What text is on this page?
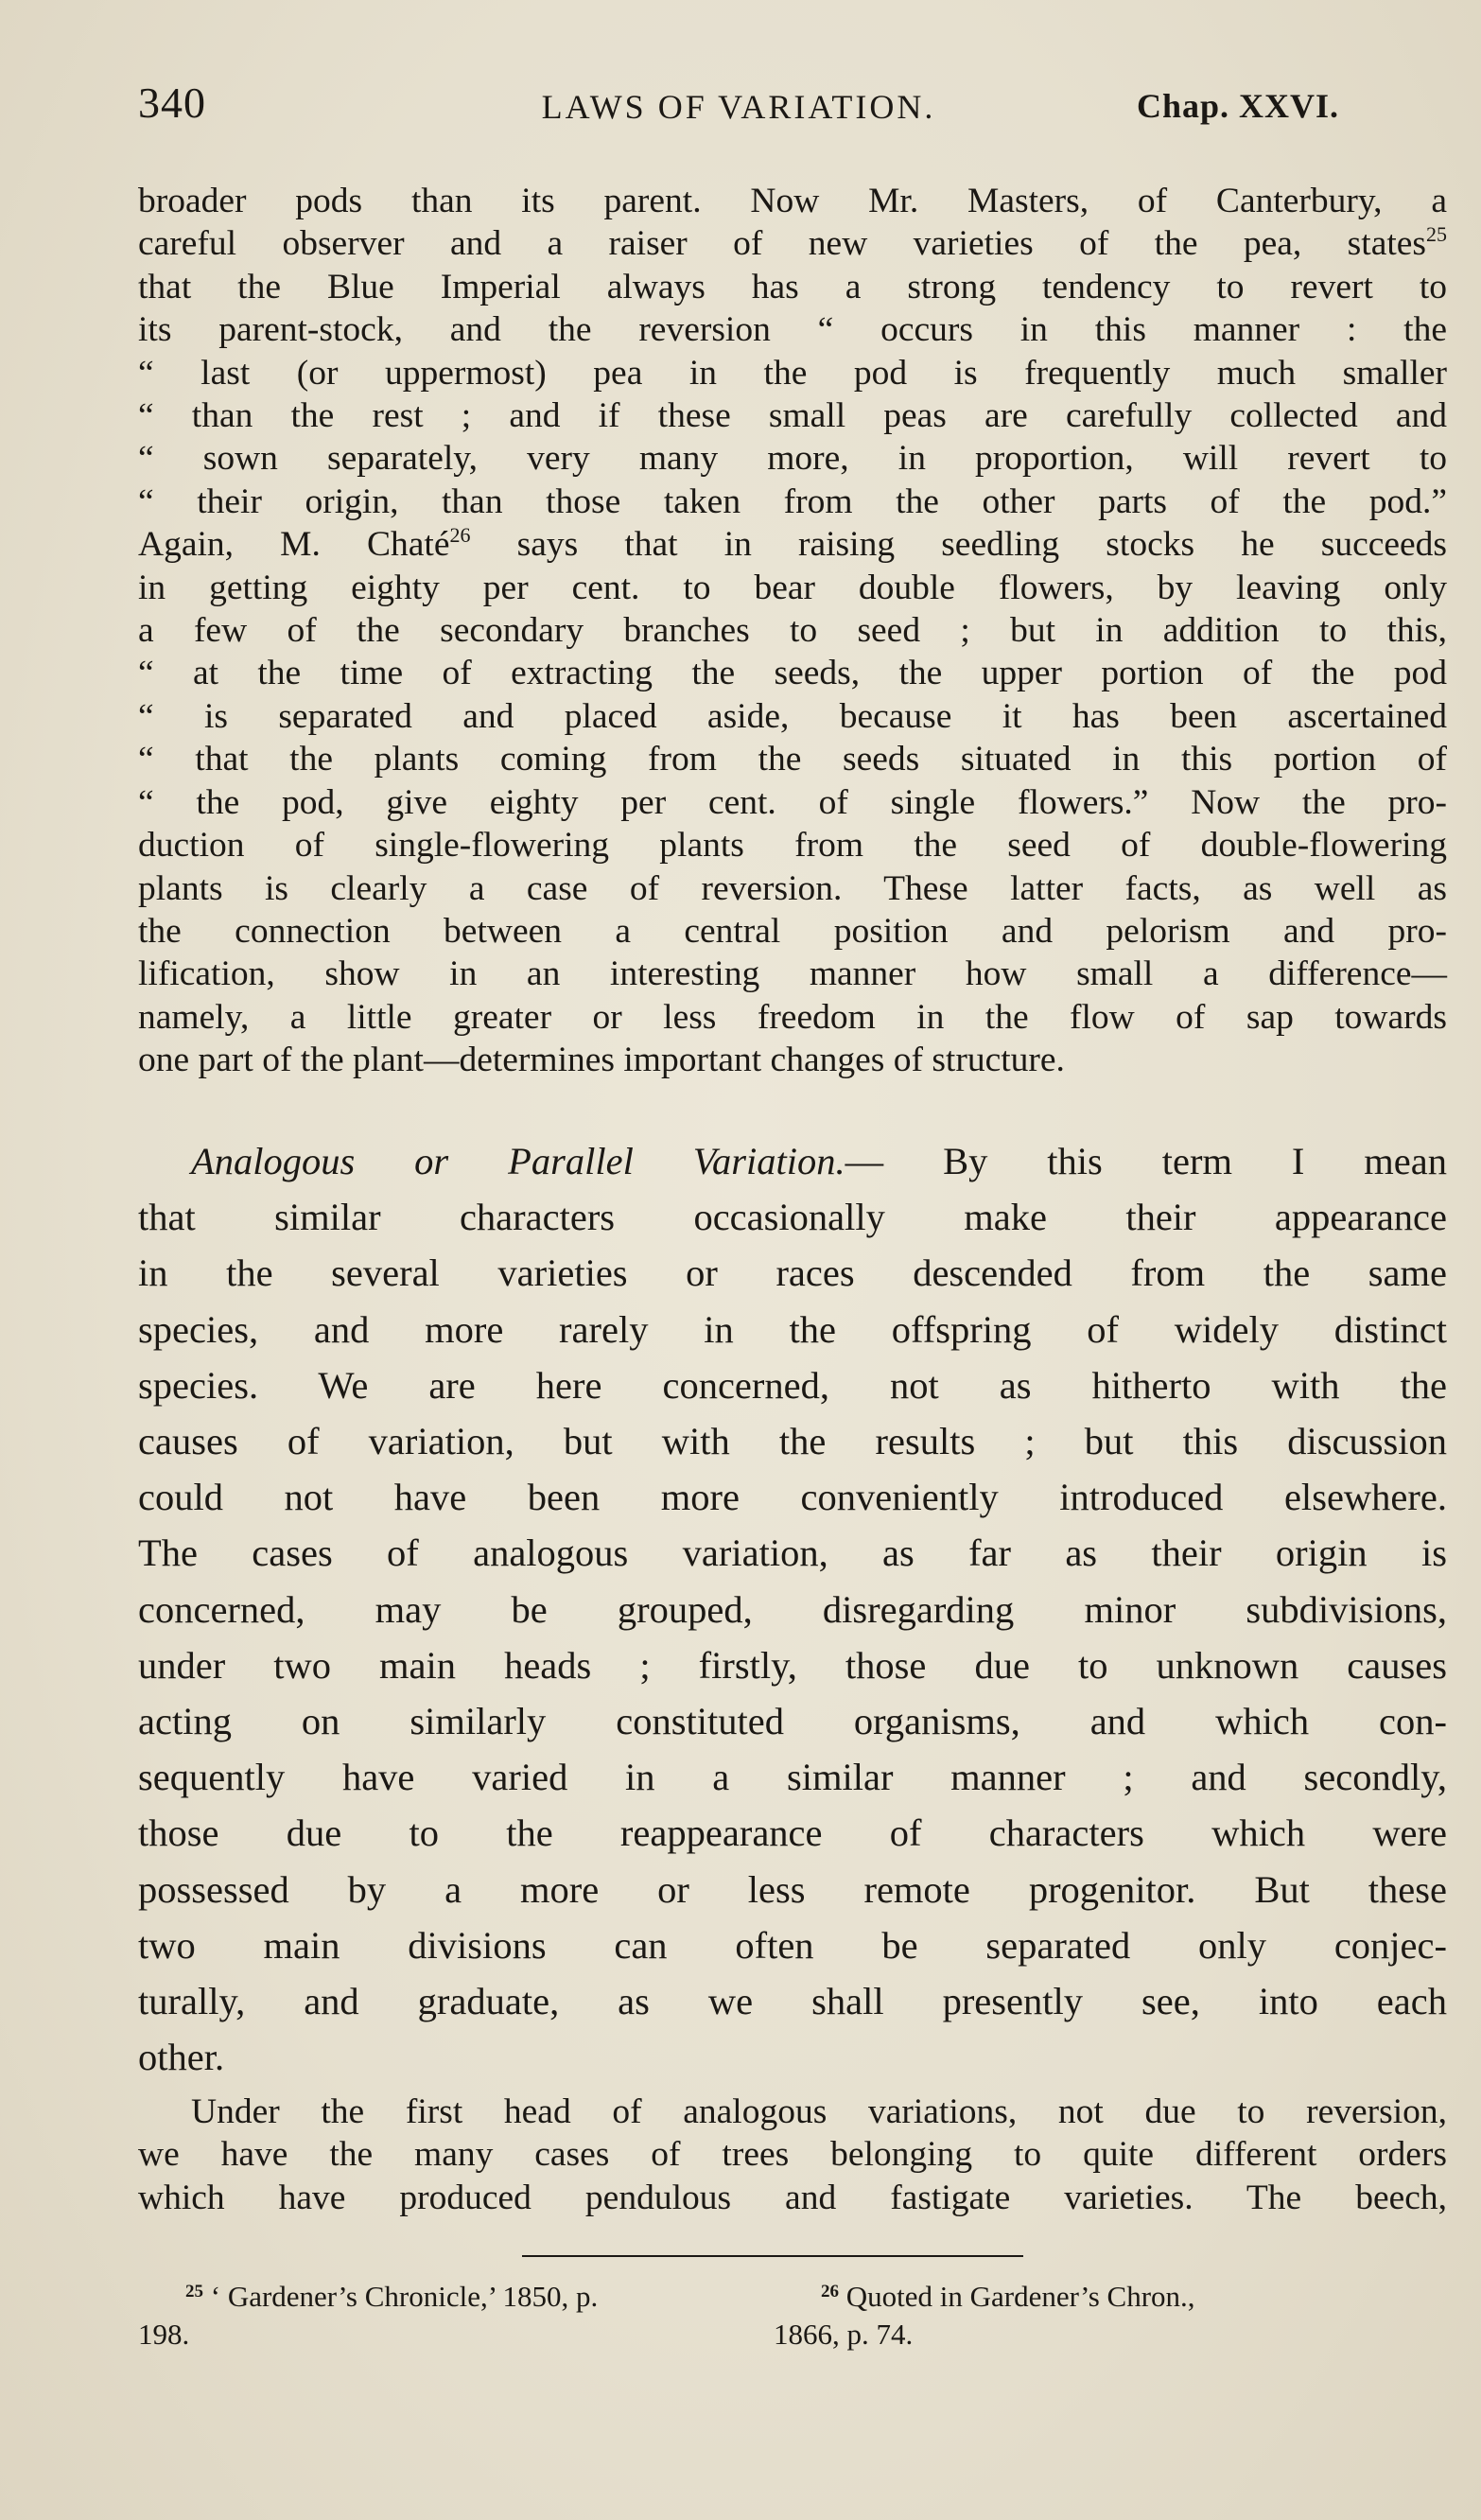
340	LAWS OF VARIATION.	Chap. XXVI.
broader pods than its parent. Now Mr. Masters, of Canterbury, a
careful observer and a raiser of new varieties of the pea, states$^{25}$
that the Blue Imperial always has a strong tendency to revert to
its parent-stock, and the reversion “ occurs in this manner : the
“ last (or uppermost) pea in the pod is frequently much smaller
“ than the rest ; and if these small peas are carefully collected and
“ sown separately, very many more, in proportion, will revert to
“ their origin, than those taken from the other parts of the pod.”
Again, M. Chaté$^{26}$ says that in raising seedling stocks he succeeds
in getting eighty per cent. to bear double flowers, by leaving only
a few of the secondary branches to seed ; but in addition to this,
“ at the time of extracting the seeds, the upper portion of the pod
“ is separated and placed aside, because it has been ascertained
“ that the plants coming from the seeds situated in this portion of
“ the pod, give eighty per cent. of single flowers.” Now the pro-
duction of single-flowering plants from the seed of double-flowering
plants is clearly a case of reversion. These latter facts, as well as
the connection between a central position and pelorism and pro-
lification, show in an interesting manner how small a difference—
namely, a little greater or less freedom in the flow of sap towards
one part of the plant—determines important changes of structure.
Analogous or Parallel Variation.— By this term I mean
that similar characters occasionally make their appearance
in the several varieties or races descended from the same
species, and more rarely in the offspring of widely distinct
species. We are here concerned, not as hitherto with the
causes of variation, but with the results ; but this discussion
could not have been more conveniently introduced elsewhere.
The cases of analogous variation, as far as their origin is
concerned, may be grouped, disregarding minor subdivisions,
under two main heads ; firstly, those due to unknown causes
acting on similarly constituted organisms, and which con-
sequently have varied in a similar manner ; and secondly,
those due to the reappearance of characters which were
possessed by a more or less remote progenitor. But these
two main divisions can often be separated only conjec-
turally, and graduate, as we shall presently see, into each
other.
Under the first head of analogous variations, not due to reversion,
we have the many cases of trees belonging to quite different orders
which have produced pendulous and fastigate varieties. The beech,
$^{25}$ ‘ Gardener’s Chronicle,’ 1850, p.
198.
$^{26}$ Quoted in Gardener’s Chron.,
1866, p. 74.
